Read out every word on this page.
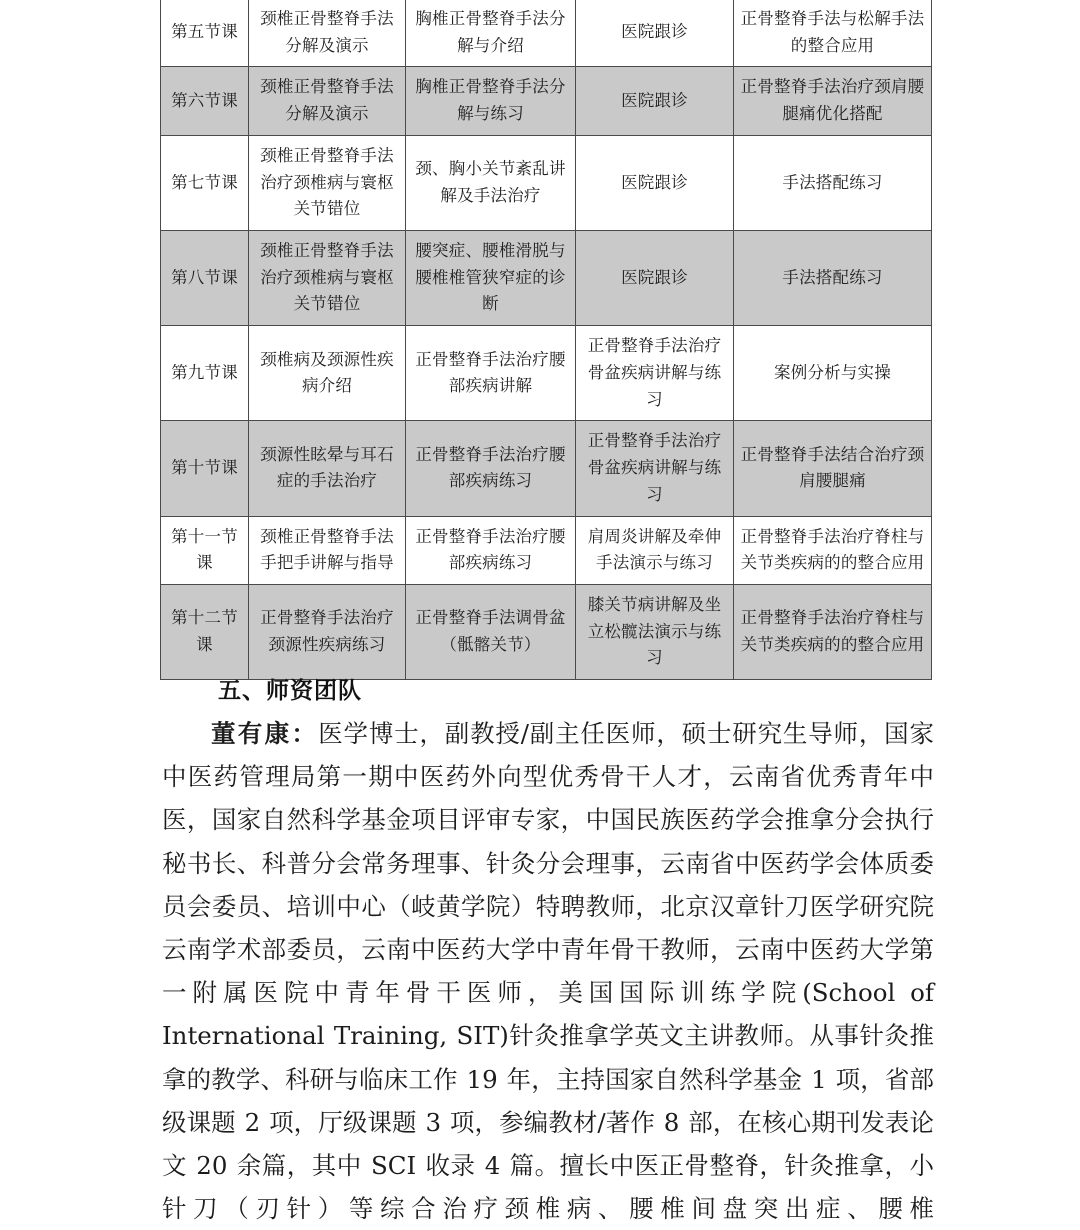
第五节课	颈椎正骨整脊手法分解及演示	胸椎正骨整脊手法分解与介绍	医院跟诊	正骨整脊手法与松解手法的整合应用

第六节课	颈椎正骨整脊手法分解及演示	胸椎正骨整脊手法分解与练习	医院跟诊	正骨整脊手法治疗颈肩腰腿痛优化搭配

第七节课	颈椎正骨整脊手法治疗颈椎病与寰枢关节错位	颈、胸小关节紊乱讲解及手法治疗	医院跟诊	手法搭配练习

第八节课	颈椎正骨整脊手法治疗颈椎病与寰枢关节错位	腰突症、腰椎滑脱与腰椎椎管狭窄症的诊断	医院跟诊	手法搭配练习

第九节课	颈椎病及颈源性疾病介绍	正骨整脊手法治疗腰部疾病讲解	正骨整脊手法治疗骨盆疾病讲解与练习	案例分析与实操

第十节课	颈源性眩晕与耳石症的手法治疗	正骨整脊手法治疗腰部疾病练习	正骨整脊手法治疗骨盆疾病讲解与练习	正骨整脊手法结合治疗颈肩腰腿痛

第十一节课	颈椎正骨整脊手法手把手讲解与指导	正骨整脊手法治疗腰部疾病练习	肩周炎讲解及牵伸手法演示与练习	正骨整脊手法治疗脊柱与关节类疾病的的整合应用

第十二节课	正骨整脊手法治疗颈源性疾病练习	正骨整脊手法调骨盆（骶髂关节）	膝关节病讲解及坐立松髋法演示与练习	正骨整脊手法治疗脊柱与关节类疾病的的整合应用
五、师资团队

董有康：医学博士，副教授/副主任医师，硕士研究生导师，国家中医药管理局第一期中医药外向型优秀骨干人才，云南省优秀青年中医，国家自然科学基金项目评审专家，中国民族医药学会推拿分会执行秘书长、科普分会常务理事、针灸分会理事，云南省中医药学会体质委员会委员、培训中心（岐黄学院）特聘教师，北京汉章针刀医学研究院云南学术部委员，云南中医药大学中青年骨干教师，云南中医药大学第一附属医院中青年骨干医师，美国国际训练学院(School of International Training, SIT)针灸推拿学英文主讲教师。从事针灸推拿的教学、科研与临床工作 19 年，主持国家自然科学基金 1 项，省部级课题 2 项，厅级课题 3 项，参编教材/著作 8 部，在核心期刊发表论文 20 余篇，其中 SCI 收录 4 篇。擅长中医正骨整脊，针灸推拿，小针刀（刃针）等综合治疗颈椎病、腰椎间盘突出症、腰椎
